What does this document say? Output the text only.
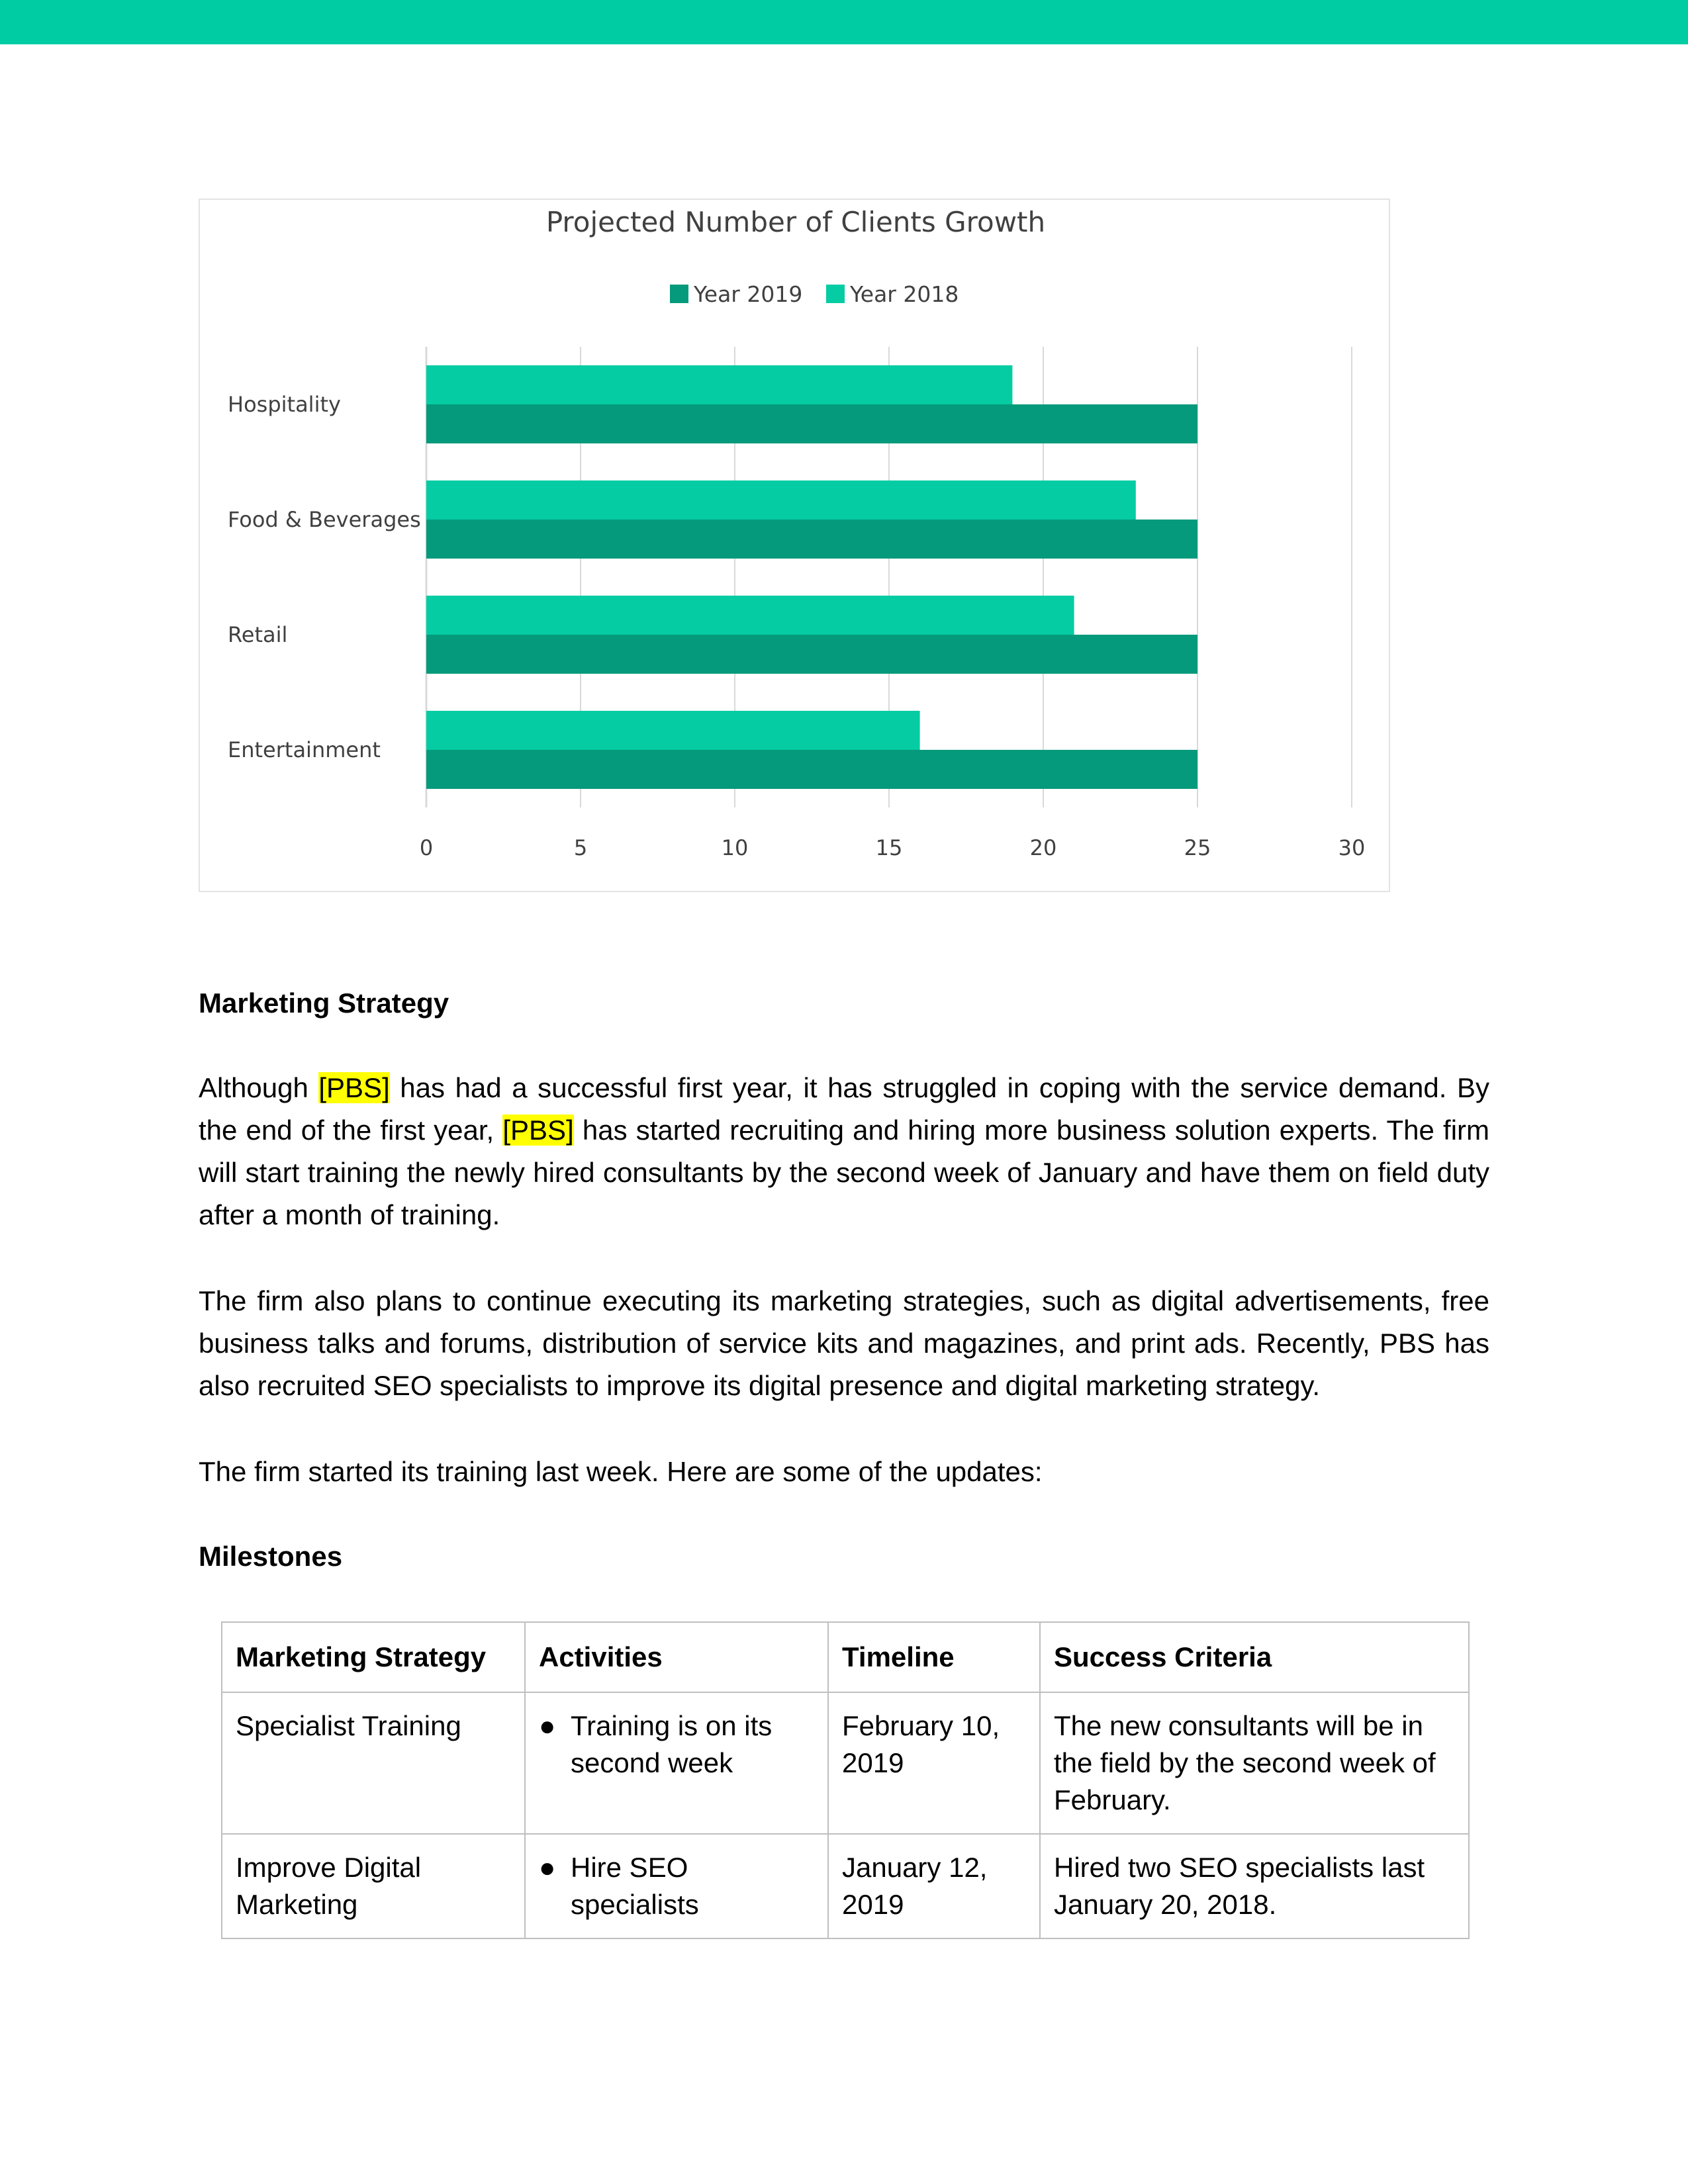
Projected Number of Clients Growth
Year 2019 Year 2018
Hospitality
Food & Beverages
Retail
Entertainment
0	5	10	15	20	25	30
Marketing Strategy
Although [PBS] has had a successful first year, it has struggled in coping with the service demand. By the end of the first year, [PBS] has started recruiting and hiring more business solution experts. The firm will start training the newly hired consultants by the second week of January and have them on field duty after a month of training.
The firm also plans to continue executing its marketing strategies, such as digital advertisements, free business talks and forums, distribution of service kits and magazines, and print ads. Recently, PBS has also recruited SEO specialists to improve its digital presence and digital marketing strategy.
The firm started its training last week. Here are some of the updates:
Milestones
Marketing Strategy	Activities	Timeline	Success Criteria
Specialist Training	● Training is on its second week	February 10, 2019	The new consultants will be in the field by the second week of February.
Improve Digital Marketing	● Hire SEO specialists	January 12, 2019	Hired two SEO specialists last January 20, 2018.
